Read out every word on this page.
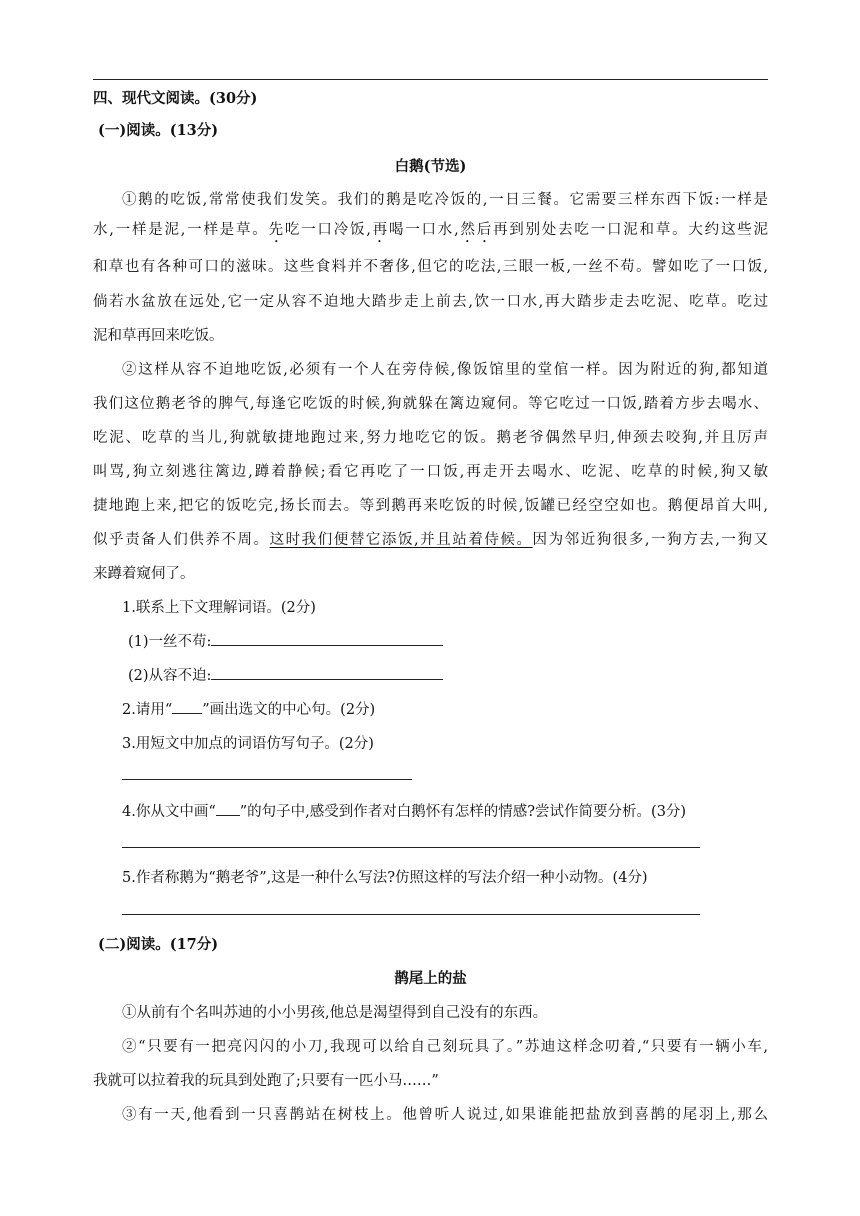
四、现代文阅读。(30分)
(一)阅读。(13分)
白鹅(节选)
①鹅的吃饭,常常使我们发笑。我们的鹅是吃冷饭的,一日三餐。它需要三样东西下饭:一样是
水,一样是泥,一样是草。先吃一口冷饭,再喝一口水,然后再到别处去吃一口泥和草。大约这些泥
和草也有各种可口的滋味。这些食料并不奢侈,但它的吃法,三眼一板,一丝不苟。譬如吃了一口饭,
倘若水盆放在远处,它一定从容不迫地大踏步走上前去,饮一口水,再大踏步走去吃泥、吃草。吃过
泥和草再回来吃饭。
②这样从容不迫地吃饭,必须有一个人在旁侍候,像饭馆里的堂倌一样。因为附近的狗,都知道
我们这位鹅老爷的脾气,每逢它吃饭的时候,狗就躲在篱边窥伺。等它吃过一口饭,踏着方步去喝水、
吃泥、吃草的当儿,狗就敏捷地跑过来,努力地吃它的饭。鹅老爷偶然早归,伸颈去咬狗,并且厉声
叫骂,狗立刻逃往篱边,蹲着静候;看它再吃了一口饭,再走开去喝水、吃泥、吃草的时候,狗又敏
捷地跑上来,把它的饭吃完,扬长而去。等到鹅再来吃饭的时候,饭罐已经空空如也。鹅便昂首大叫,
似乎责备人们供养不周。这时我们便替它添饭,并且站着侍候。因为邻近狗很多,一狗方去,一狗又
来蹲着窥伺了。
1.联系上下文理解词语。(2分)
(1)一丝不苟:
(2)从容不迫:
2.请用“ ”画出选文的中心句。(2分)
3.用短文中加点的词语仿写句子。(2分)
4.你从文中画“ ”的句子中,感受到作者对白鹅怀有怎样的情感?尝试作简要分析。(3分)
5.作者称鹅为“鹅老爷”,这是一种什么写法?仿照这样的写法介绍一种小动物。(4分)
(二)阅读。(17分)
鹊尾上的盐
①从前有个名叫苏迪的小小男孩,他总是渴望得到自己没有的东西。
②“只要有一把亮闪闪的小刀,我现可以给自己刻玩具了。”苏迪这样念叨着,“只要有一辆小车,
我就可以拉着我的玩具到处跑了;只要有一匹小马……”
③有一天,他看到一只喜鹊站在树枝上。他曾听人说过,如果谁能把盐放到喜鹊的尾羽上,那么
